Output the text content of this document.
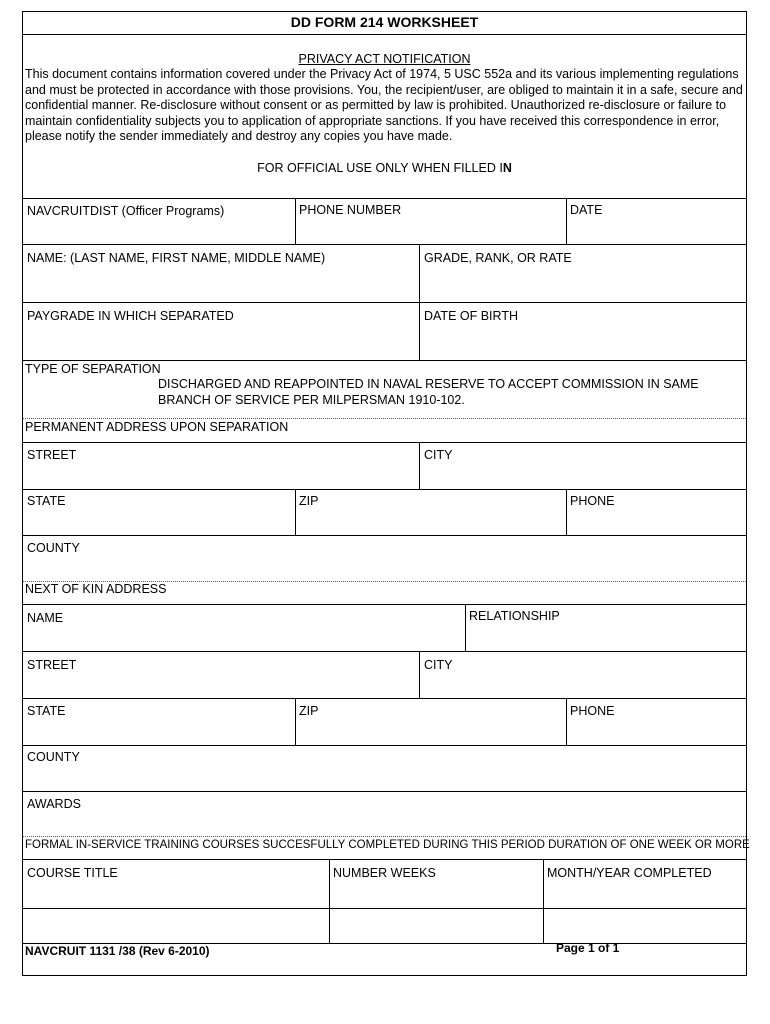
DD FORM 214 WORKSHEET
PRIVACY ACT NOTIFICATION
This document contains information covered under the Privacy Act of 1974, 5 USC 552a and its various implementing regulations and must be protected in accordance with those provisions. You, the recipient/user, are obliged to maintain it in a safe, secure and confidential manner. Re-disclosure without consent or as permitted by law is prohibited. Unauthorized re-disclosure or failure to maintain confidentiality subjects you to application of appropriate sanctions. If you have received this correspondence in error, please notify the sender immediately and destroy any copies you have made.
FOR OFFICIAL USE ONLY WHEN FILLED IN
NAVCRUITDIST (Officer Programs)	PHONE NUMBER	DATE
NAME: (LAST NAME, FIRST NAME, MIDDLE NAME)	GRADE, RANK, OR RATE
PAYGRADE IN WHICH SEPARATED	DATE OF BIRTH
TYPE OF SEPARATION
DISCHARGED AND REAPPOINTED IN NAVAL RESERVE TO ACCEPT COMMISSION IN SAME BRANCH OF SERVICE PER MILPERSMAN 1910-102.
PERMANENT ADDRESS UPON SEPARATION
STREET	CITY
STATE	ZIP	PHONE
COUNTY
NEXT OF KIN ADDRESS
NAME	RELATIONSHIP
STREET	CITY
STATE	ZIP	PHONE
COUNTY
AWARDS
FORMAL IN-SERVICE TRAINING COURSES SUCCESFULLY COMPLETED DURING THIS PERIOD DURATION OF ONE WEEK OR MORE
COURSE TITLE	NUMBER WEEKS	MONTH/YEAR COMPLETED
NAVCRUIT 1131 /38 (Rev 6-2010)	Page 1 of 1
